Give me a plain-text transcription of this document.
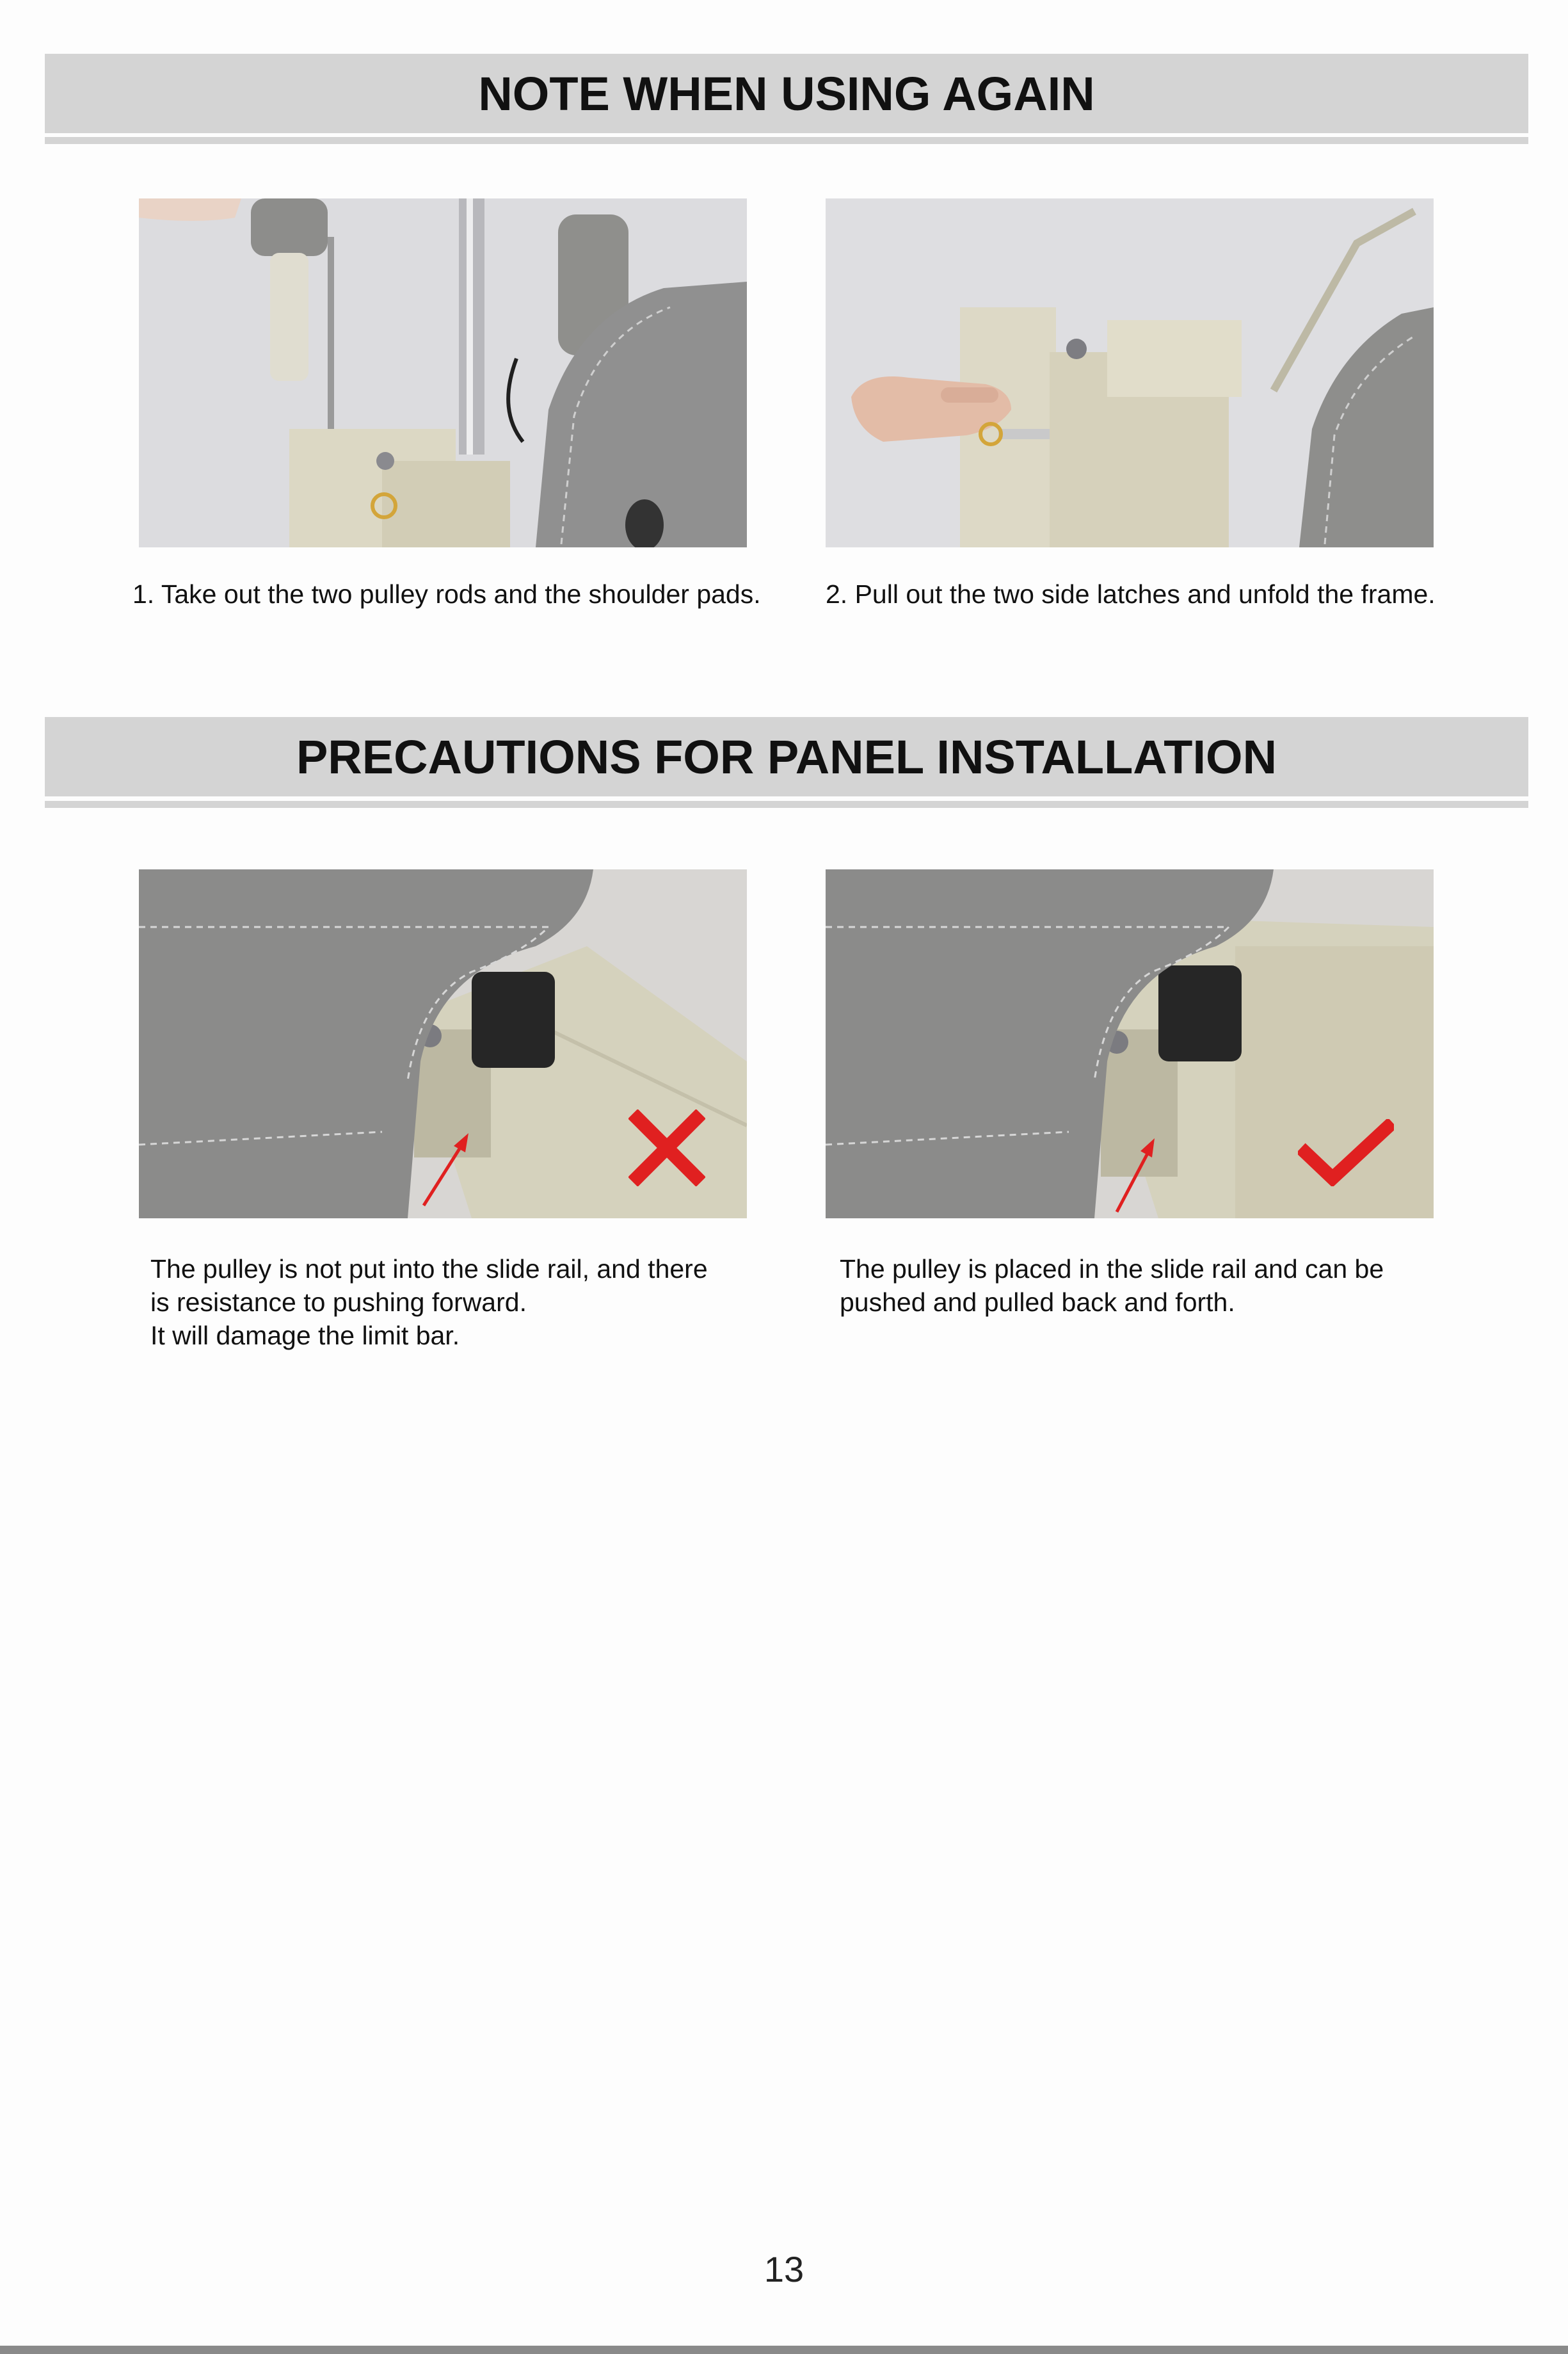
NOTE WHEN USING AGAIN

1. Take out the two pulley rods and the shoulder pads. 2. Pull out the two side latches and unfold the frame.

PRECAUTIONS FOR PANEL INSTALLATION

The pulley is not put into the slide rail, and there
is resistance to pushing forward.
It will damage the limit bar.

The pulley is placed in the slide rail and can be
pushed and pulled back and forth.

13
